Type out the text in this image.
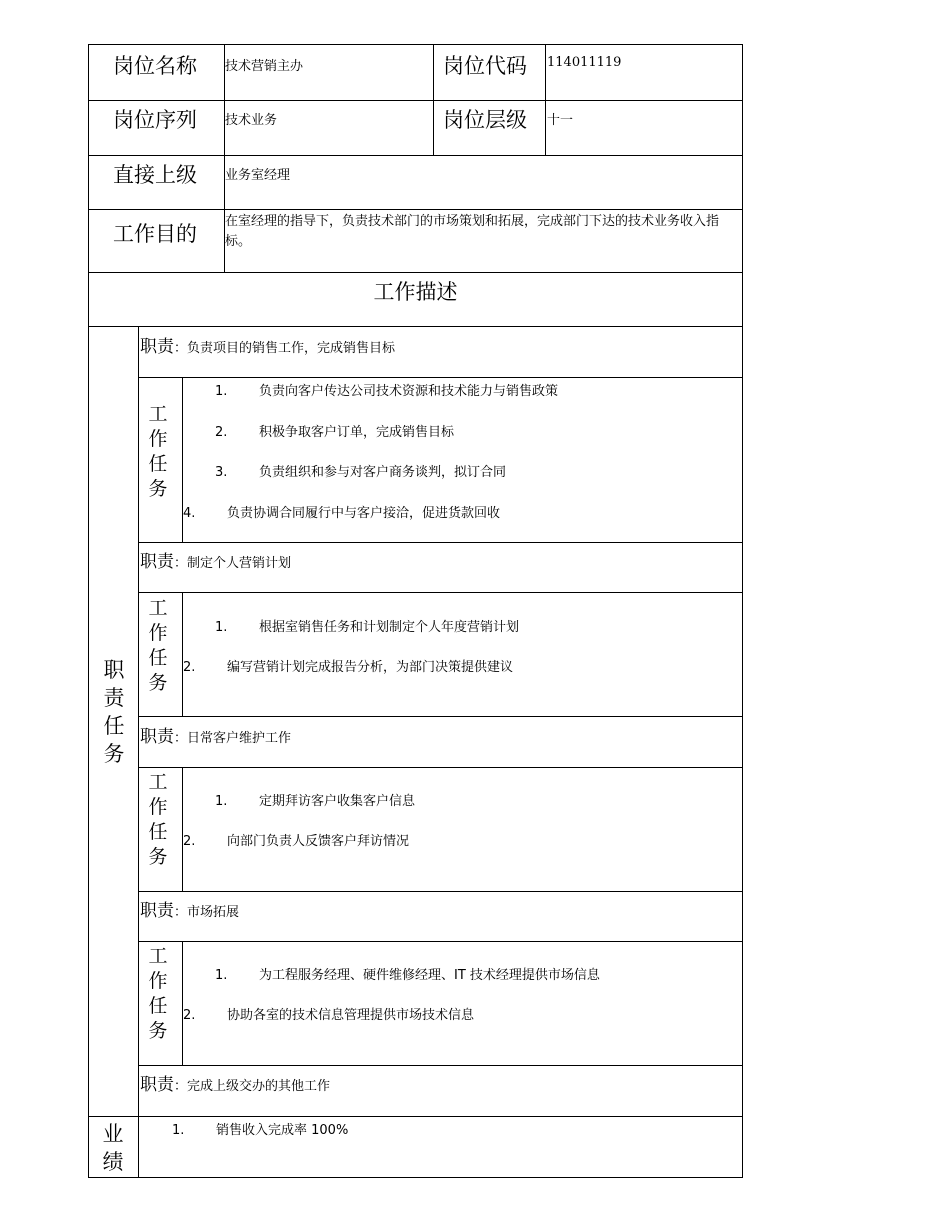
岗位名称 技术营销主办	岗位代码 114011119
岗位序列 技术业务	岗位层级 十一
直接上级 业务室经理
工作目的
在室经理的指导下，负责技术部门的市场策划和拓展，完成部门下达的技术业务收入指标。
工作描述
职
责
任
务
职责：负责项目的销售工作，完成销售目标
工
作
任
务
1. 负责向客户传达公司技术资源和技术能力与销售政策
2. 积极争取客户订单，完成销售目标
3. 负责组织和参与对客户商务谈判，拟订合同
4. 负责协调合同履行中与客户接洽，促进货款回收
职责：制定个人营销计划
工
作
任
务
1. 根据室销售任务和计划制定个人年度营销计划
2. 编写营销计划完成报告分析，为部门决策提供建议
职责：日常客户维护工作
工
作
任
务
1. 定期拜访客户收集客户信息
2. 向部门负责人反馈客户拜访情况
职责：市场拓展
工
作
任
务
1. 为工程服务经理、硬件维修经理、IT 技术经理提供市场信息
2. 协助各室的技术信息管理提供市场技术信息
职责：完成上级交办的其他工作
业
绩
1. 销售收入完成率 100%
